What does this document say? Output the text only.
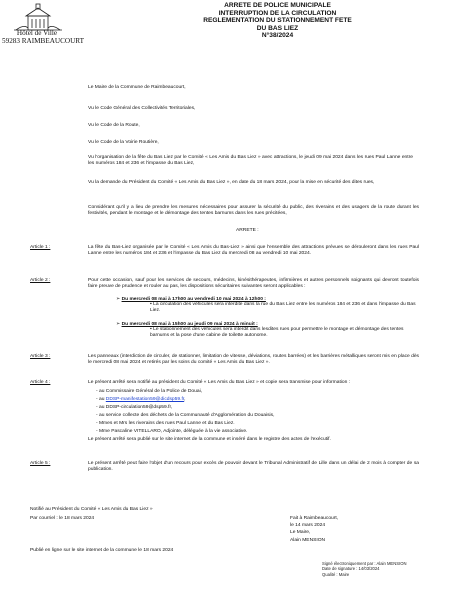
Hôtel de Ville
59283 RAIMBEAUCOURT
ARRETE DE POLICE MUNICIPALE
INTERRUPTION DE LA CIRCULATION
REGLEMENTATION DU STATIONNEMENT FETE
DU BAS LIEZ
N°38/2024
Le Maire de la Commune de Raimbeaucourt,
Vu le Code Général des Collectivités Territoriales,
Vu le Code de la Route,
Vu le Code de la Voirie Routière,
Vu l'organisation de la fête du Bas Liez par le Comité « Les Amis du Bas Liez » avec attractions, le jeudi 09 mai 2024 dans les rues Paul Lanne entre les numéros 184 et 236 et l'impasse du Bas Liez,
Vu la demande du Président du Comité « Les Amis du Bas Liez », en date du 18 mars 2024, pour la mise en sécurité des dites rues,
Considérant qu'il y a lieu de prendre les mesures nécessaires pour assurer la sécurité du public, des riverains et des usagers de la route durant les festivités, pendant le montage et le démontage des tentes barnums dans les rues précitées,
ARRETE :
Article 1 :	La fête du Bas-Liez organisée par le Comité « Les Amis du Bas-Liez » ainsi que l'ensemble des attractions prévues se dérouleront dans les rues Paul Lanne entre les numéros 184 et 236 et l'impasse du Bas Liez du mercredi 08 au vendredi 10 mai 2024.
Article 2 :	Pour cette occasion, sauf pour les services de secours, médecins, kinésithérapeutes, infirmières et autres personnels soignants qui devront toutefois faire preuve de prudence et rouler au pas, les dispositions sécuritaires suivantes seront applicables :
➢ Du mercredi 08 mai à 17h00 au vendredi 10 mai 2024 à 12h00 :
▪ La circulation des véhicules sera interdite dans la rue du Bas Liez entre les numéros 184 et 236 et dans l'impasse du Bas Liez.
➢ Du mercredi 08 mai à 15h00 au jeudi 09 mai 2024 à minuit :
▪ Le stationnement des véhicules sera interdit dans lesdites rues pour permettre le montage et démontage des tentes barnums et la pose d'une cabine de toilette autonome.
Article 3 :	Les panneaux (interdiction de circuler, de stationner, limitation de vitesse, déviations, routes barrées) et les barrières métalliques seront mis en place dès le mercredi 08 mai 2024 et retirés par les soins du comité « Les Amis du Bas Liez ».
Article 4 :	Le présent arrêté sera notifié au président du Comité « Les Amis du Bas Liez » et copie sera transmise pour information :
- au Commissaire Général de la Police de Douai,
- au DDSP-manifestation59@dicdsp59.fr,
- au DDSP-circulation59@dsp59.fr,
- au service collecte des déchets de la Communauté d'Agglomération du Douaisis,
- Mmes et Mrs les riverains des rues Paul Lanne et du Bas Liez.
- Mme Pascaline VITELLARO, Adjointe, déléguée à la vie associative.
Le présent arrêté sera publié sur le site internet de la commune et inséré dans le registre des actes de l'exécutif.
Article 5 :	Le présent arrêté peut faire l'objet d'un recours pour excès de pouvoir devant le Tribunal Administratif de Lille dans un délai de 2 mois à compter de sa publication.
Notifié au Président du Comité « Les Amis du Bas Liez »
Par courriel : le 18 mars 2024
Publié en ligne sur le site internet de la commune le 18 mars 2024
Fait à Raimbeaucourt,
le 14 mars 2024
Le Maire,
Alain MENSION
Signé électroniquement par : Alain MENSION
Date de signature : 14/03/2024
Qualité : Maire
